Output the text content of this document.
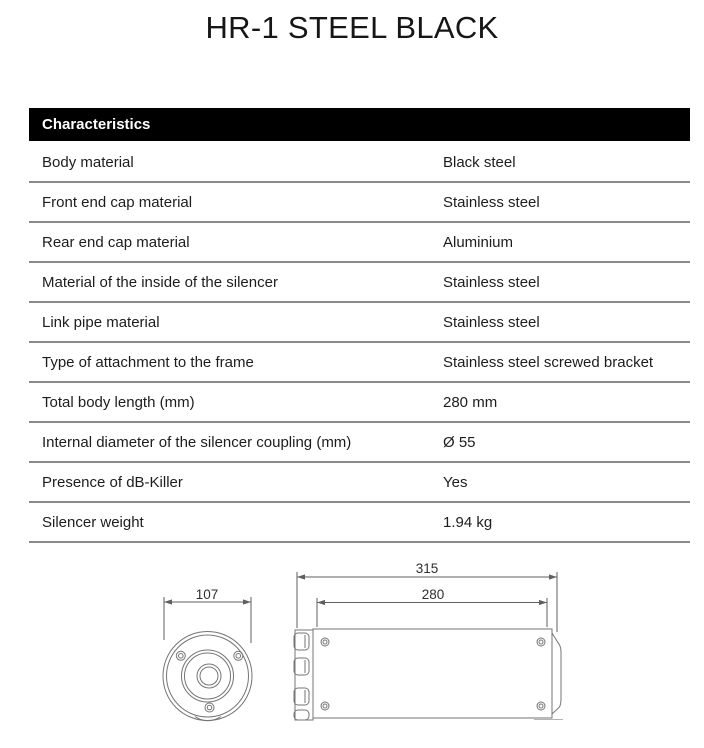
HR-1 STEEL BLACK
Characteristics
Body material	Black steel
Front end cap material	Stainless steel
Rear end cap material	Aluminium
Material of the inside of the silencer	Stainless steel
Link pipe material	Stainless steel
Type of attachment to the frame	Stainless steel screwed bracket
Total body length (mm)	280 mm
Internal diameter of the silencer coupling (mm)	Ø 55
Presence of dB-Killer	Yes
Silencer weight	1.94 kg
315
280
107
